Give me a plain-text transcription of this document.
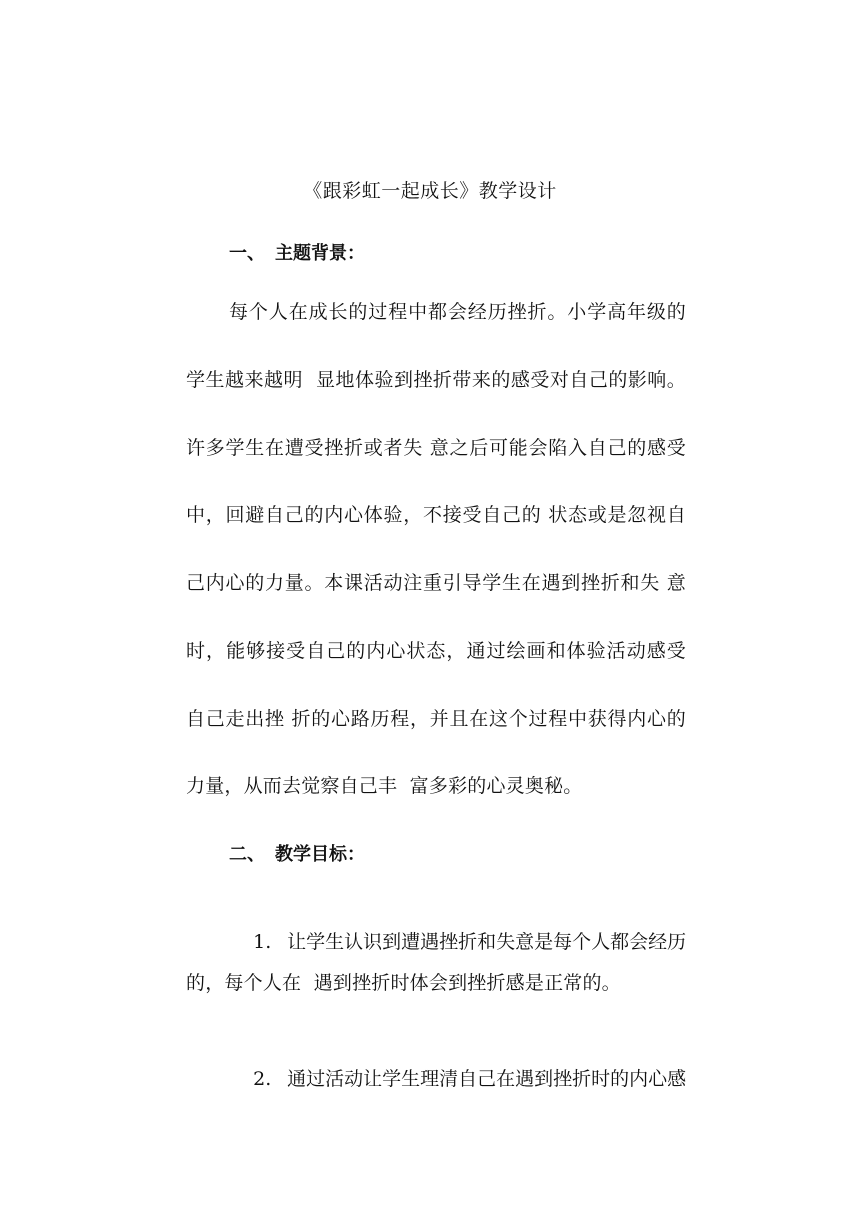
《跟彩虹一起成长》教学设计
一、 主题背景：
每个人在成长的过程中都会经历挫折。小学高年级的
学生越来越明  显地体验到挫折带来的感受对自己的影响。
许多学生在遭受挫折或者失 意之后可能会陷入自己的感受
中，回避自己的内心体验，不接受自己的 状态或是忽视自
己内心的力量。本课活动注重引导学生在遇到挫折和失 意
时，能够接受自己的内心状态，通过绘画和体验活动感受
自己走出挫 折的心路历程，并且在这个过程中获得内心的
力量，从而去觉察自己丰  富多彩的心灵奥秘。
二、 教学目标：

1. 让学生认识到遭遇挫折和失意是每个人都会经历

的，每个人在  遇到挫折时体会到挫折感是正常的。

2. 通过活动让学生理清自己在遇到挫折时的内心感
